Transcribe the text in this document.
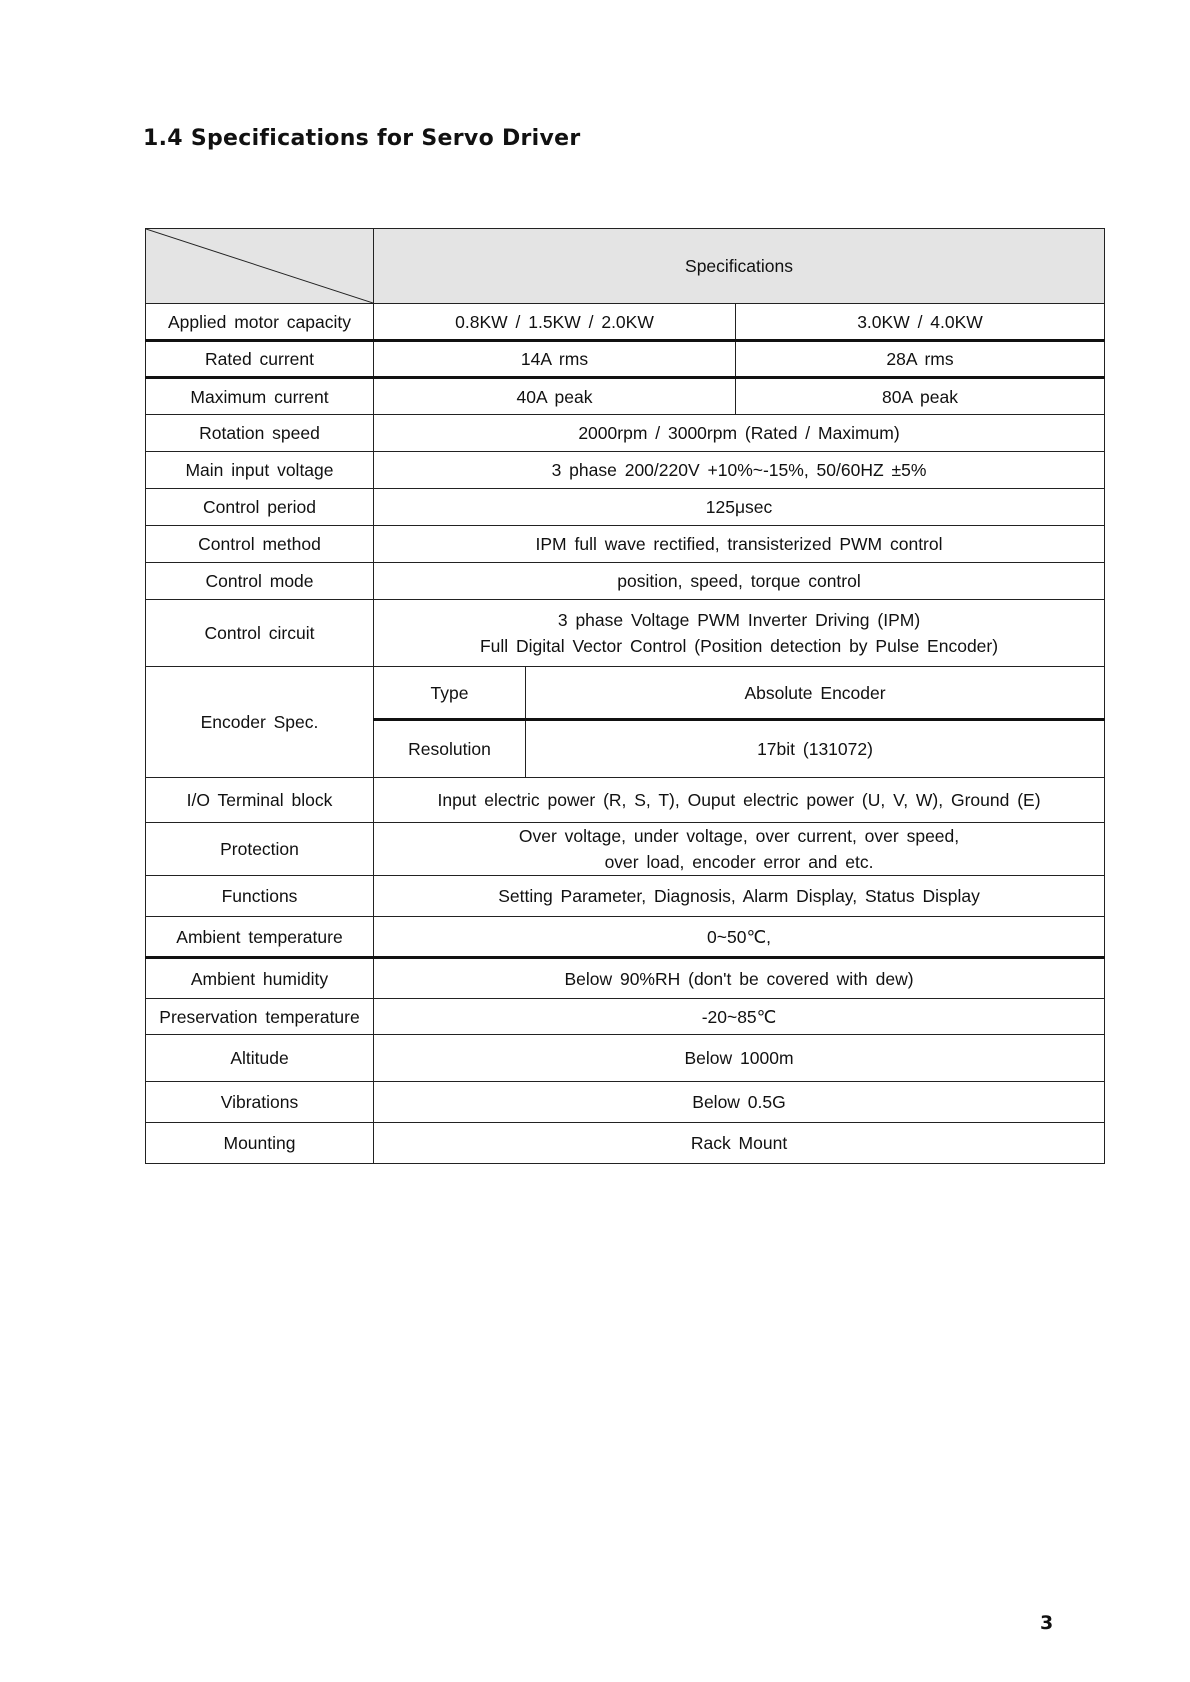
1.4 Specifications for Servo Driver
	Specifications		
Applied motor capacity	0.8KW / 1.5KW / 2.0KW		3.0KW / 4.0KW
Rated current	14A rms		28A rms
Maximum current	40A peak		80A peak
Rotation speed	2000rpm / 3000rpm (Rated / Maximum)		
Main input voltage	3 phase 200/220V +10%~-15%, 50/60HZ ±5%		
Control period	125μsec		
Control method	IPM full wave rectified, transisterized PWM control		
Control mode	position, speed, torque control		
Control circuit	3 phase Voltage PWM Inverter Driving (IPM)
Full Digital Vector Control (Position detection by Pulse Encoder)		

Encoder Spec.	Type	Absolute Encoder	
	Resolution	17bit (131072)	
I/O Terminal block	Input electric power (R, S, T), Ouput electric power (U, V, W), Ground (E)		
Protection	Over voltage, under voltage, over current, over speed,
over load, encoder error and etc.		

Functions	Setting Parameter, Diagnosis, Alarm Display, Status Display		
Ambient temperature	0~50℃,		
Ambient humidity	Below 90%RH (don't be covered with dew)		
Preservation temperature	-20~85℃		
Altitude	Below 1000m		
Vibrations	Below 0.5G		
Mounting	Rack Mount		
3
